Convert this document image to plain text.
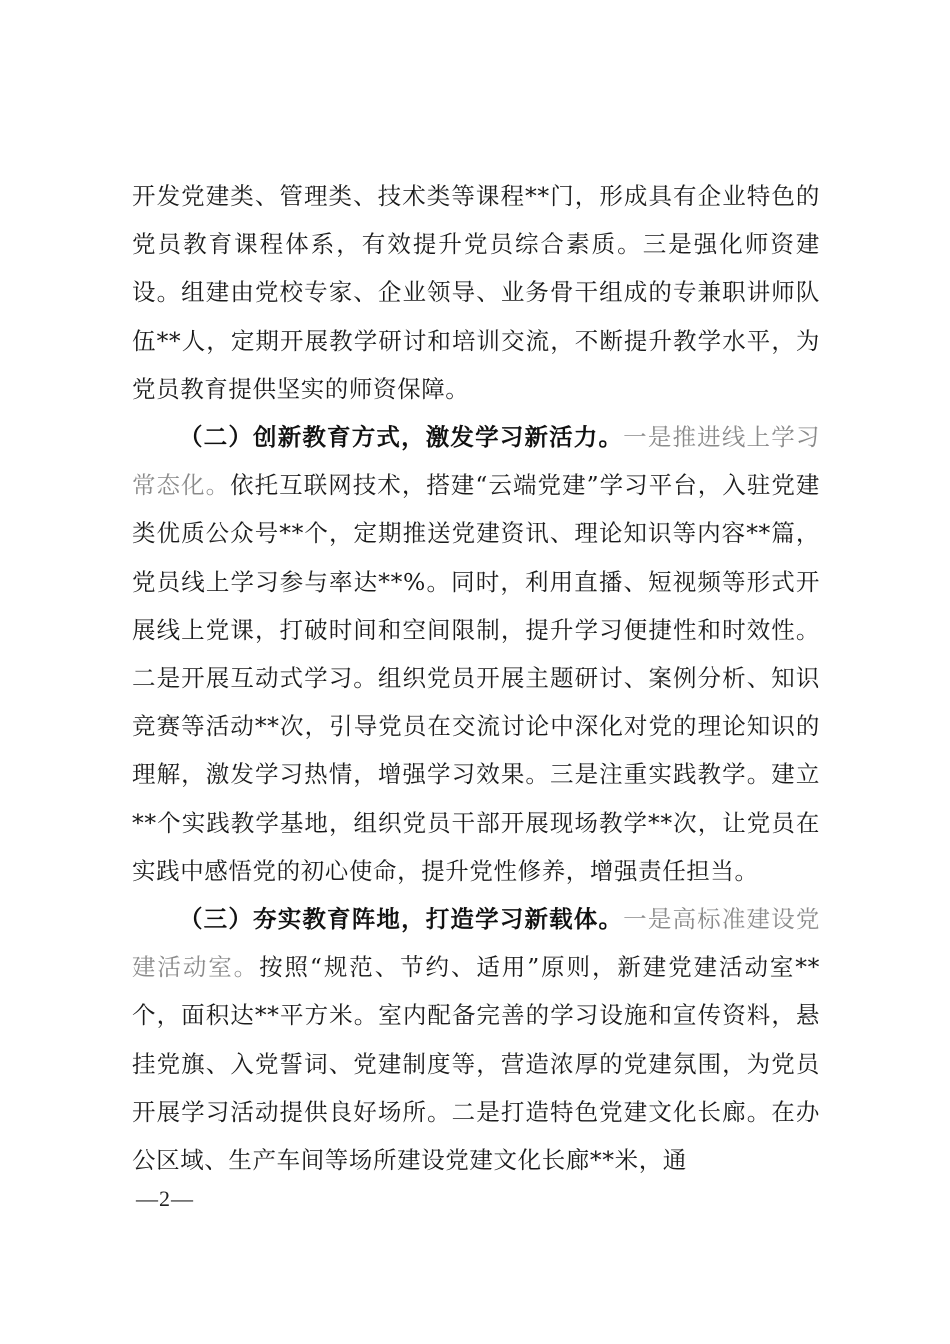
开发党建类、管理类、技术类等课程**门，形成具有企业特色的党员教育课程体系，有效提升党员综合素质。三是强化师资建设。组建由党校专家、企业领导、业务骨干组成的专兼职讲师队伍**人，定期开展教学研讨和培训交流，不断提升教学水平，为党员教育提供坚实的师资保障。

（二）创新教育方式，激发学习新活力。一是推进线上学习常态化。依托互联网技术，搭建“云端党建”学习平台，入驻党建类优质公众号**个，定期推送党建资讯、理论知识等内容**篇，党员线上学习参与率达**%。同时，利用直播、短视频等形式开展线上党课，打破时间和空间限制，提升学习便捷性和时效性。二是开展互动式学习。组织党员开展主题研讨、案例分析、知识竞赛等活动**次，引导党员在交流讨论中深化对党的理论知识的理解，激发学习热情，增强学习效果。三是注重实践教学。建立**个实践教学基地，组织党员干部开展现场教学**次，让党员在实践中感悟党的初心使命，提升党性修养，增强责任担当。

（三）夯实教育阵地，打造学习新载体。一是高标准建设党建活动室。按照“规范、节约、适用”原则，新建党建活动室**个，面积达**平方米。室内配备完善的学习设施和宣传资料，悬挂党旗、入党誓词、党建制度等，营造浓厚的党建氛围，为党员开展学习活动提供良好场所。二是打造特色党建文化长廊。在办公区域、生产车间等场所建设党建文化长廊**米，通

—2—
